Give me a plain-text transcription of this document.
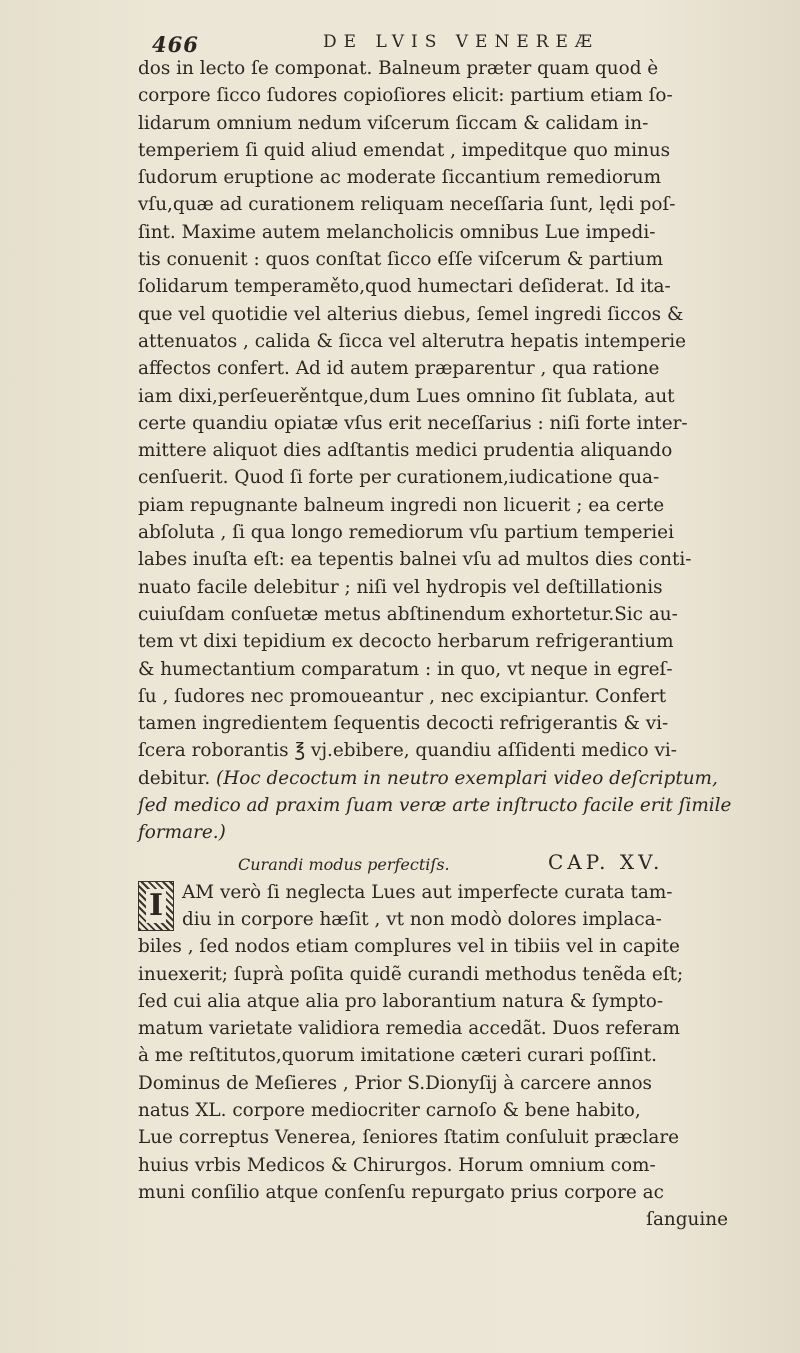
466	DE LVIS VENEREÆ
dos in lecto ſe componat. Balneum præter quam quod è
corpore ſicco ſudores copioſiores elicit: partium etiam ſo-
lidarum omnium nedum viſcerum ſiccam & calidam in-
temperiem ſi quid aliud emendat , impeditque quo minus
ſudorum eruptione ac moderate ſiccantium remediorum
vſu,quæ ad curationem reliquam neceſſaria ſunt, lędi poſ-
ſint. Maxime autem melancholicis omnibus Lue impedi-
tis conuenit : quos conſtat ſicco eſſe viſcerum & partium
ſolidarum temperaměto,quod humectari deſiderat. Id ita-
que vel quotidie vel alterius diebus, ſemel ingredi ſiccos &
attenuatos , calida & ſicca vel alterutra hepatis intemperie
affectos confert. Ad id autem præparentur , qua ratione
iam dixi,perſeuerěntque,dum Lues omnino ſit ſublata, aut
certe quandiu opiatæ vſus erit neceſſarius : niſi forte inter-
mittere aliquot dies adſtantis medici prudentia aliquando
cenſuerit. Quod ſi forte per curationem,iudicatione qua-
piam repugnante balneum ingredi non licuerit ; ea certe
abſoluta , ſi qua longo remediorum vſu partium temperiei
labes inuſta eſt: ea tepentis balnei vſu ad multos dies conti-
nuato facile delebitur ; niſi vel hydropis vel deſtillationis
cuiuſdam conſuetæ metus abſtinendum exhortetur.Sic au-
tem vt dixi tepidium ex decocto herbarum refrigerantium
& humectantium comparatum : in quo, vt neque in egreſ-
ſu , ſudores nec promoueantur , nec excipiantur. Confert
tamen ingredientem ſequentis decocti refrigerantis & vi-
ſcera roborantis ℥ vj.ebibere, quandiu aſſidenti medico vi-
debitur. (Hoc decoctum in neutro exemplari video deſcriptum,
ſed medico ad praxim ſuam veræ arte inſtructo facile erit ſimile
formare.)
Curandi modus perfectiſs.	CAP. XV.
I	AM verò ſi neglecta Lues aut imperfecte curata tam-
diu in corpore hæſit , vt non modò dolores implaca-
biles , ſed nodos etiam complures vel in tibiis vel in capite
inuexerit; ſuprà poſita quidẽ curandi methodus tenẽda eſt;
ſed cui alia atque alia pro laborantium natura & ſympto-
matum varietate validiora remedia accedãt. Duos referam
à me reſtitutos,quorum imitatione cæteri curari poſſint.
Dominus de Meſieres , Prior S.Dionyſij à carcere annos
natus XL. corpore mediocriter carnoſo & bene habito,
Lue correptus Venerea, ſeniores ſtatim conſuluit præclare
huius vrbis Medicos & Chirurgos. Horum omnium com-
muni conſilio atque conſenſu repurgato prius corpore ac
ſanguine
